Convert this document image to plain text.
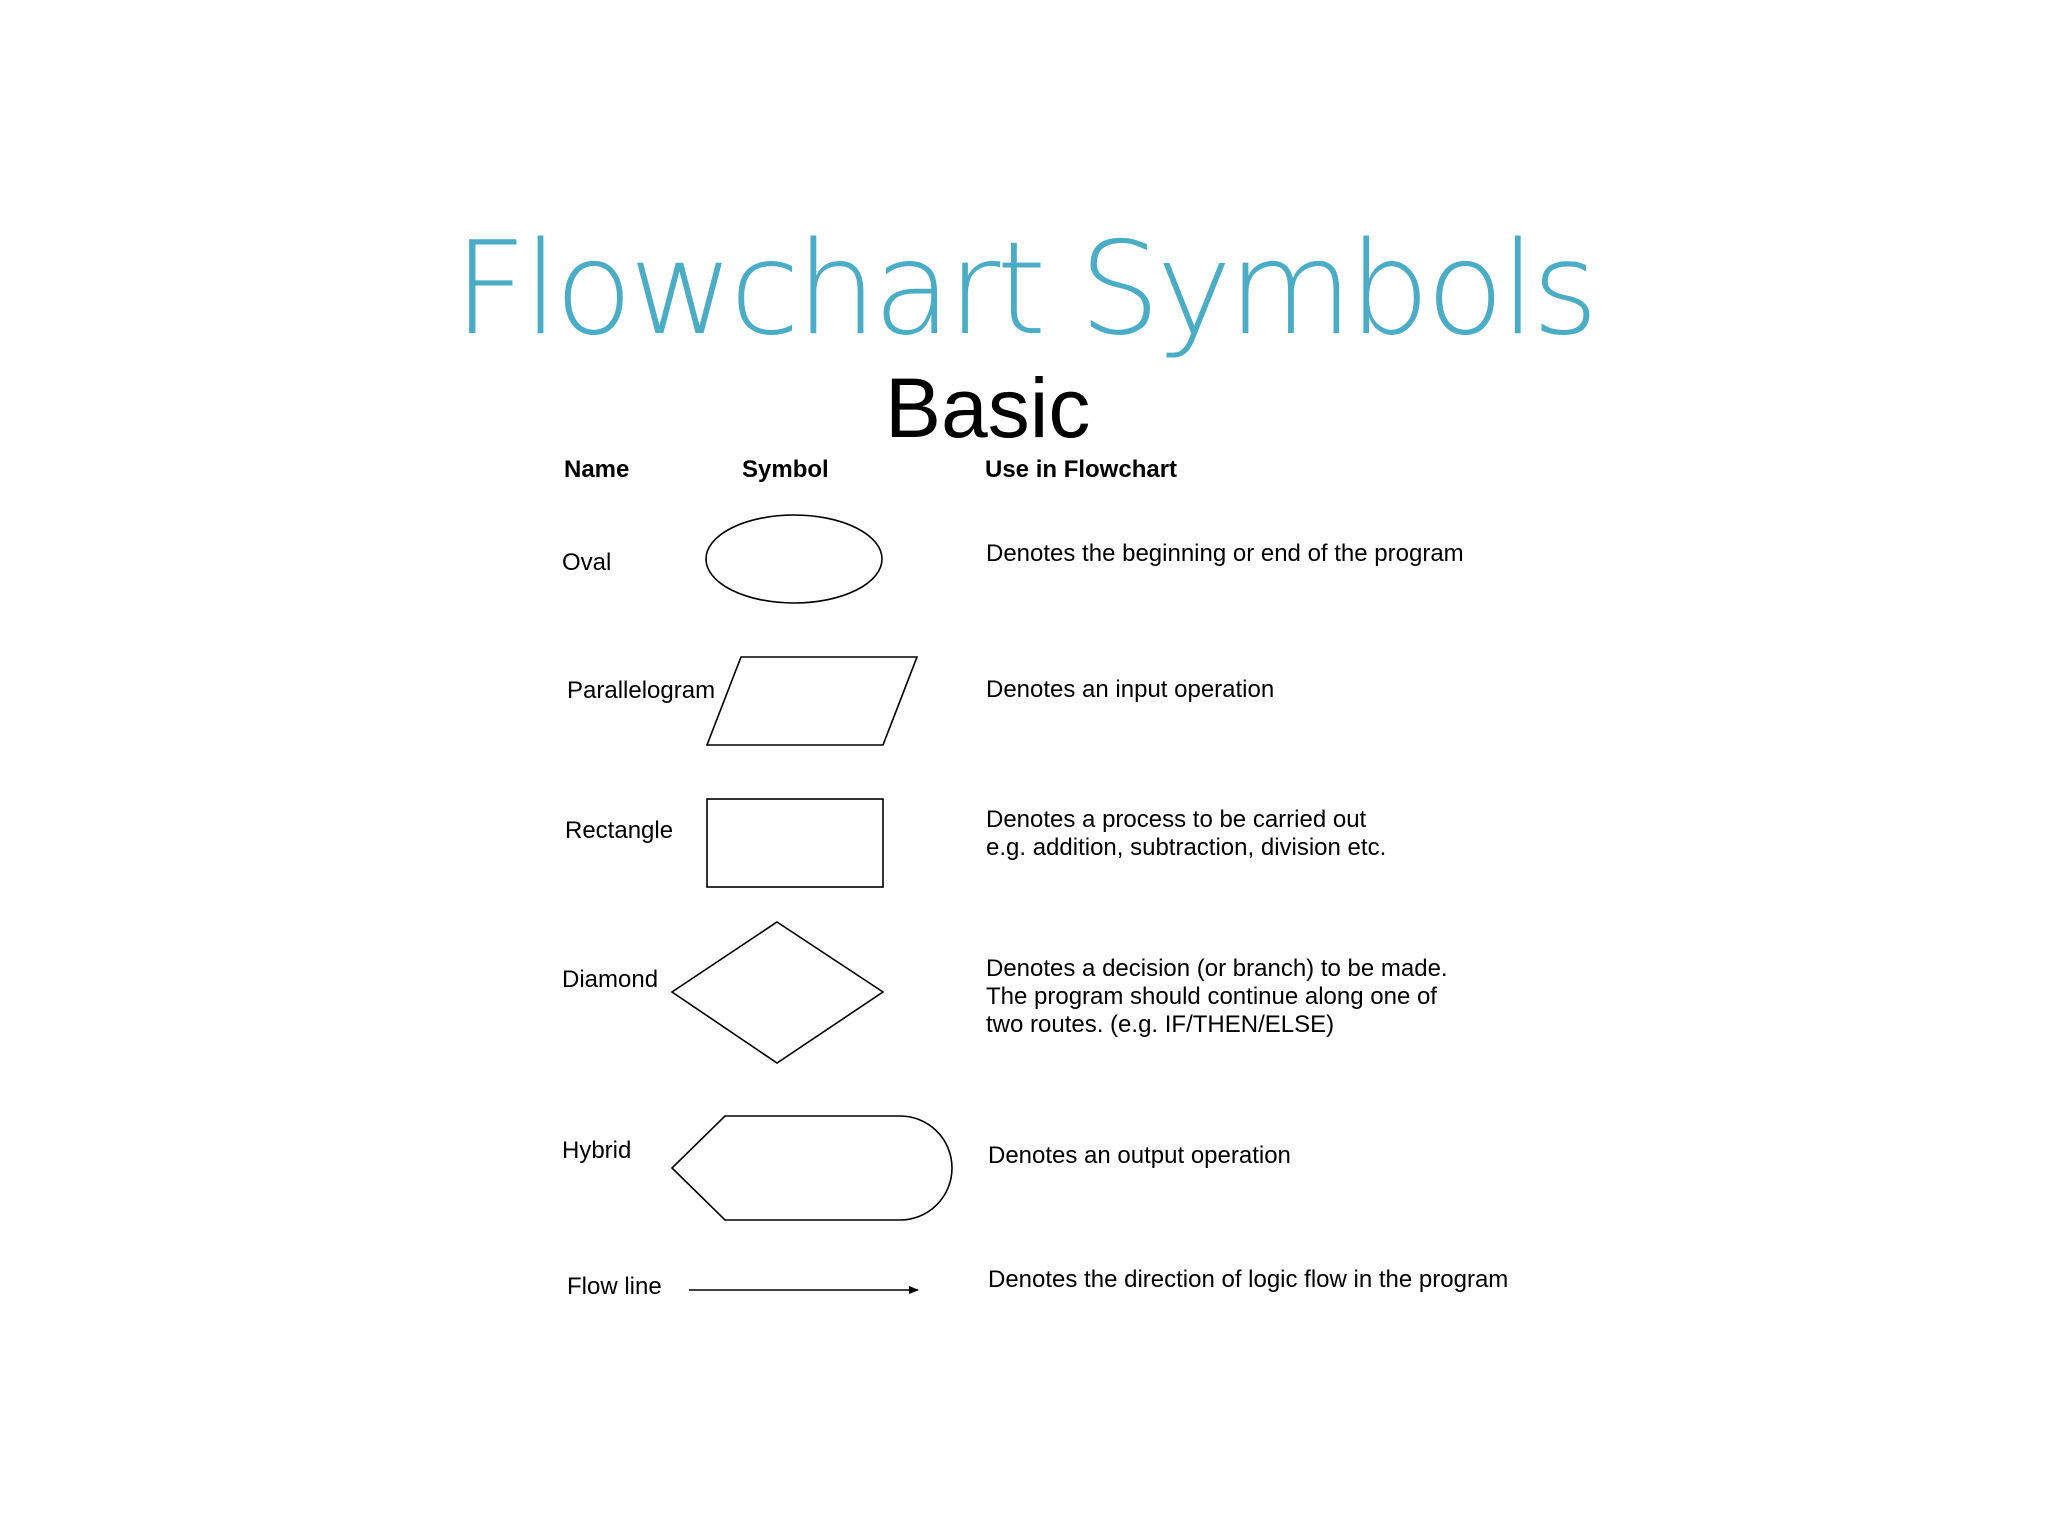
Flowchart Symbols
Basic
Name	Symbol	Use in Flowchart
Oval
Parallelogram
Rectangle
Diamond
Hybrid
Flow line
Denotes the beginning or end of the program
Denotes an input operation
Denotes a process to be carried out
e.g. addition, subtraction, division etc.
Denotes a decision (or branch) to be made.
The program should continue along one of
two routes. (e.g. IF/THEN/ELSE)
Denotes an output operation
Denotes the direction of logic flow in the program
